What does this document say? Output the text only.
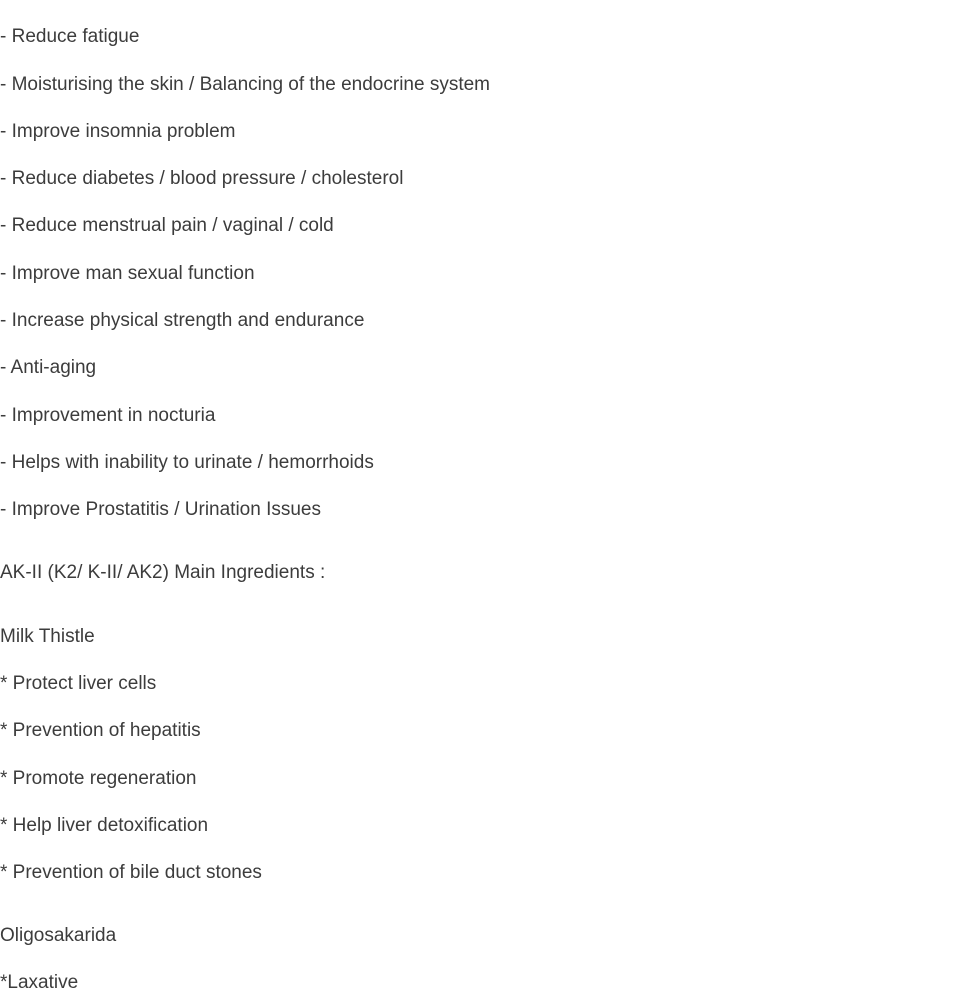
- Reduce fatigue
- Moisturising the skin / Balancing of the endocrine system
- Improve insomnia problem
- Reduce diabetes / blood pressure / cholesterol
- Reduce menstrual pain / vaginal / cold
- Improve man sexual function
- Increase physical strength and endurance
- Anti-aging
- Improvement in nocturia
- Helps with inability to urinate / hemorrhoids
- Improve Prostatitis / Urination Issues
AK-II (K2/ K-II/ AK2) Main Ingredients :
Milk Thistle
* Protect liver cells
* Prevention of hepatitis
* Promote regeneration
* Help liver detoxification
* Prevention of bile duct stones
Oligosakarida
*Laxative
